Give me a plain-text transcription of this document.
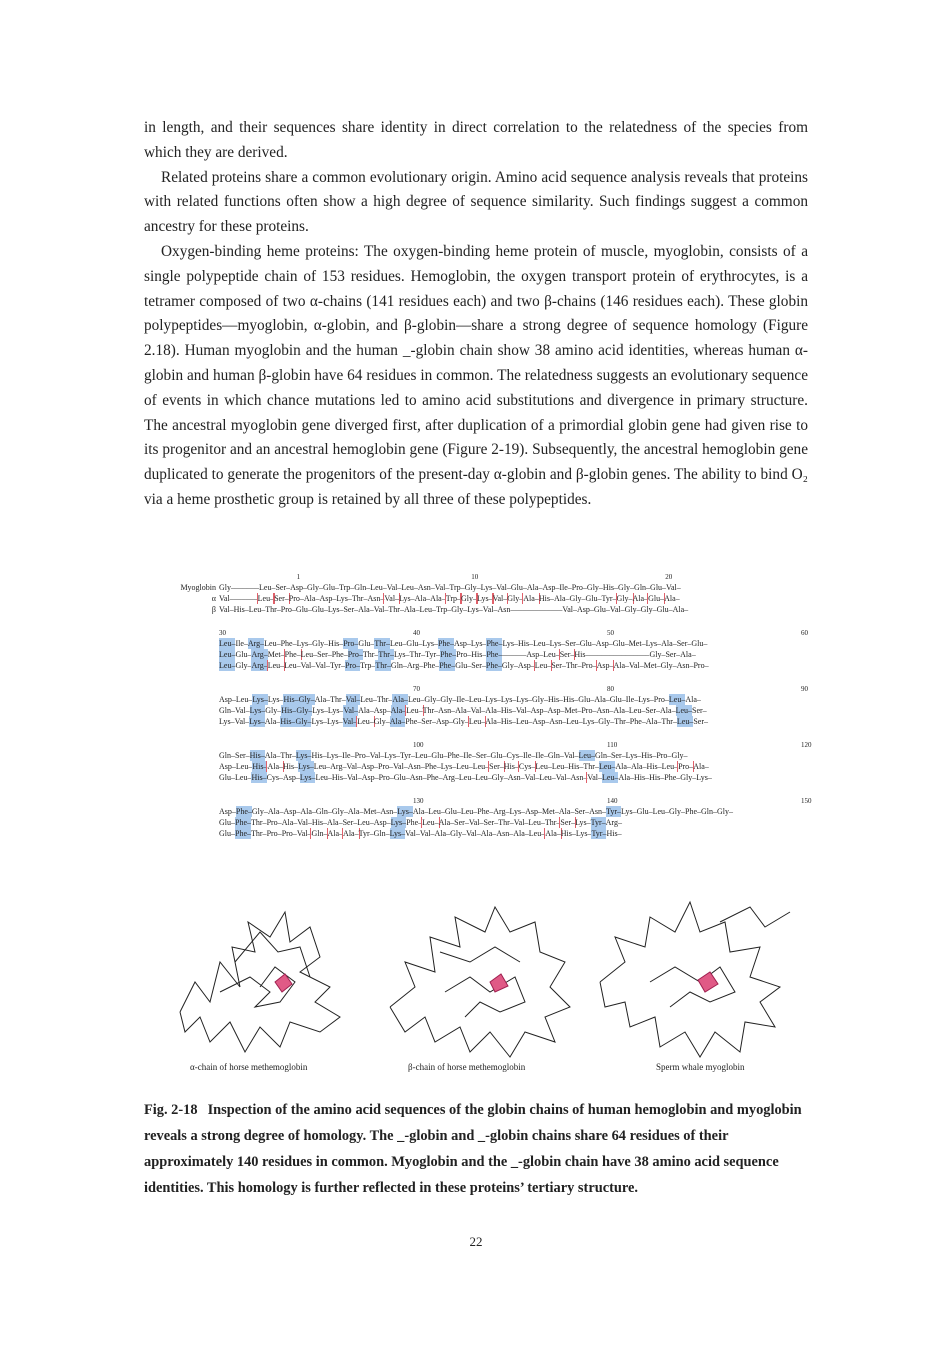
in length, and their sequences share identity in direct correlation to the relatedness of the species from which they are derived.

Related proteins share a common evolutionary origin. Amino acid sequence analysis reveals that proteins with related functions often show a high degree of sequence similarity. Such findings suggest a common ancestry for these proteins.

Oxygen-binding heme proteins: The oxygen-binding heme protein of muscle, myoglobin, consists of a single polypeptide chain of 153 residues. Hemoglobin, the oxygen transport protein of erythrocytes, is a tetramer composed of two α-chains (141 residues each) and two β-chains (146 residues each). These globin polypeptides—myoglobin, α-globin, and β-globin—share a strong degree of sequence homology (Figure 2.18). Human myoglobin and the human _-globin chain show 38 amino acid identities, whereas human α-globin and human β-globin have 64 residues in common. The relatedness suggests an evolutionary sequence of events in which chance mutations led to amino acid substitutions and divergence in primary structure. The ancestral myoglobin gene diverged first, after duplication of a primordial globin gene had given rise to its progenitor and an ancestral hemoglobin gene (Figure 2-19). Subsequently, the ancestral hemoglobin gene duplicated to generate the progenitors of the present-day α-globin and β-globin genes. The ability to bind O₂ via a heme prosthetic group is retained by all three of these polypeptides.

1	10	20
Myoglobin Gly–—–—–Leu–Ser–Asp–Gly–Glu–Trp–Gln–Leu–Val–Leu–Asn–Val–Trp–Gly–Lys–Val–Glu–Ala–Asp–Ile–Pro–Gly–His–Gly–Gln–Glu–Val–
α Val–—–—–Leu–Ser–Pro–Ala–Asp–Lys–Thr–Asn–Val–Lys–Ala–Ala–Trp–Gly–Lys–Val–Gly–Ala–His–Ala–Gly–Glu–Tyr–Gly–Ala–Glu–Ala–
β Val–His–Leu–Thr–Pro–Glu–Glu–Lys–Ser–Ala–Val–Thr–Ala–Leu–Trp–Gly–Lys–Val–Asn–—–—–—–—–Val–Asp–Glu–Val–Gly–Gly–Glu–Ala–
30	40	50	60
Leu–Ile–Arg–Leu–Phe–Lys–Gly–His–Pro–Glu–Thr–Leu–Glu–Lys–Phe–Asp–Lys–Phe–Lys–His–Leu–Lys–Ser–Glu–Asp–Glu–Met–Lys–Ala–Ser–Glu–
Leu–Glu–Arg–Met–Phe–Leu–Ser–Phe–Pro–Thr–Thr–Lys–Thr–Tyr–Phe–Pro–His–Phe–—–—–Asp–Leu–Ser–His–—–—–—–—–—–Gly–Ser–Ala–
Leu–Gly–Arg–Leu–Leu–Val–Val–Tyr–Pro–Trp–Thr–Gln–Arg–Phe–Phe–Glu–Ser–Phe–Gly–Asp–Leu–Ser–Thr–Pro–Asp–Ala–Val–Met–Gly–Asn–Pro–
70	80	90
Asp–Leu–Lys–Lys–His–Gly–Ala–Thr–Val–Leu–Thr–Ala–Leu–Gly–Gly–Ile–Leu–Lys–Lys–Lys–Gly–His–His–Glu–Ala–Glu–Ile–Lys–Pro–Leu–Ala–
Gln–Val–Lys–Gly–His–Gly–Lys–Lys–Val–Ala–Asp–Ala–Leu–Thr–Asn–Ala–Val–Ala–His–Val–Asp–Asp–Met–Pro–Asn–Ala–Leu–Ser–Ala–Leu–Ser–
Lys–Val–Lys–Ala–His–Gly–Lys–Lys–Val–Leu–Gly–Ala–Phe–Ser–Asp–Gly–Leu–Ala–His–Leu–Asp–Asn–Leu–Lys–Gly–Thr–Phe–Ala–Thr–Leu–Ser–
100	110	120
Gln–Ser–His–Ala–Thr–Lys–His–Lys–Ile–Pro–Val–Lys–Tyr–Leu–Glu–Phe–Ile–Ser–Glu–Cys–Ile–Ile–Gln–Val–Leu–Gln–Ser–Lys–His–Pro–Gly–
Asp–Leu–His–Ala–His–Lys–Leu–Arg–Val–Asp–Pro–Val–Asn–Phe–Lys–Leu–Leu–Ser–His–Cys–Leu–Leu–His–Thr–Leu–Ala–Ala–His–Leu–Pro–Ala–
Glu–Leu–His–Cys–Asp–Lys–Leu–His–Val–Asp–Pro–Glu–Asn–Phe–Arg–Leu–Leu–Gly–Asn–Val–Leu–Val–Asn–Val–Leu–Ala–His–His–Phe–Gly–Lys–
130	140	150
Asp–Phe–Gly–Ala–Asp–Ala–Gln–Gly–Ala–Met–Asn–Lys–Ala–Leu–Glu–Leu–Phe–Arg–Lys–Asp–Met–Ala–Ser–Asn–Tyr–Lys–Glu–Leu–Gly–Phe–Gln–Gly–
Glu–Phe–Thr–Pro–Ala–Val–His–Ala–Ser–Leu–Asp–Lys–Phe–Leu–Ala–Ser–Val–Ser–Thr–Val–Leu–Thr–Ser–Lys–Tyr–Arg–
Glu–Phe–Thr–Pro–Pro–Val–Gln–Ala–Ala–Tyr–Gln–Lys–Val–Val–Ala–Gly–Val–Ala–Asn–Ala–Leu–Ala–His–Lys–Tyr–His–
α-chain of horse methemoglobin	β-chain of horse methemoglobin	Sperm whale myoglobin
Fig. 2-18 Inspection of the amino acid sequences of the globin chains of human hemoglobin and myoglobin reveals a strong degree of homology. The _-globin and _-globin chains share 64 residues of their approximately 140 residues in common. Myoglobin and the _-globin chain have 38 amino acid sequence identities. This homology is further reflected in these proteins’ tertiary structure.
22
